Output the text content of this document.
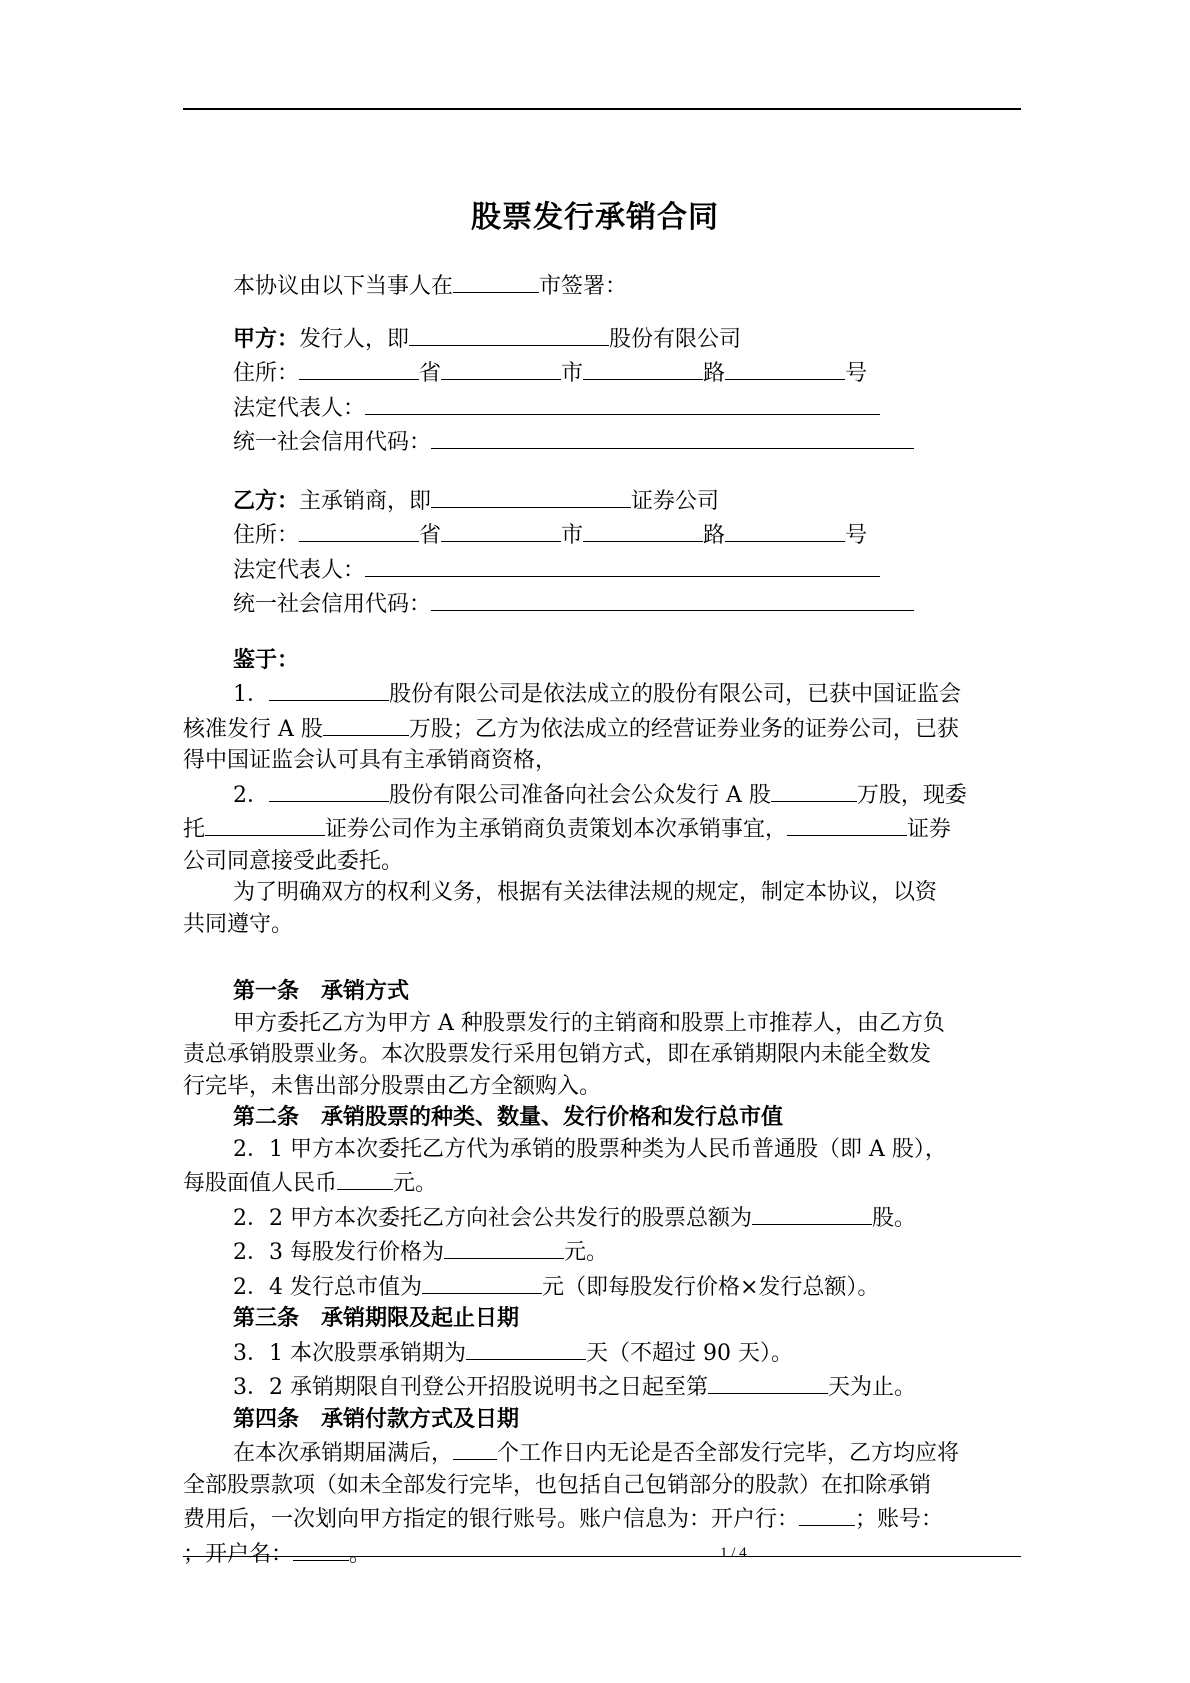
股票发行承销合同

本协议由以下当事人在	市签署：

甲方：发行人，即	股份有限公司

住所：	省	市	路	号

法定代表人：

统一社会信用代码：

乙方：主承销商，即	证券公司

住所：	省	市	路	号

法定代表人：

统一社会信用代码：

鉴于：

1．	股份有限公司是依法成立的股份有限公司，已获中国证监会

核准发行 A 股	万股；乙方为依法成立的经营证券业务的证券公司，已获

得中国证监会认可具有主承销商资格，

2．	股份有限公司准备向社会公众发行 A 股	万股，现委

托	证券公司作为主承销商负责策划本次承销事宜，	证券

公司同意接受此委托。

为了明确双方的权利义务，根据有关法律法规的规定，制定本协议，以资

共同遵守。

第一条　承销方式

甲方委托乙方为甲方 A 种股票发行的主销商和股票上市推荐人，由乙方负

责总承销股票业务。本次股票发行采用包销方式，即在承销期限内未能全数发

行完毕，未售出部分股票由乙方全额购入。

第二条　承销股票的种类、数量、发行价格和发行总市值

2．1 甲方本次委托乙方代为承销的股票种类为人民币普通股（即 A 股），

每股面值人民币	元。

2．2 甲方本次委托乙方向社会公共发行的股票总额为	股。

2．3 每股发行价格为	元。

2．4 发行总市值为	元（即每股发行价格×发行总额）。

第三条　承销期限及起止日期

3．1 本次股票承销期为	天（不超过 90 天）。

3．2 承销期限自刊登公开招股说明书之日起至第	天为止。

第四条　承销付款方式及日期

在本次承销期届满后， 个工作日内无论是否全部发行完毕，乙方均应将

全部股票款项（如未全部发行完毕，也包括自己包销部分的股款）在扣除承销

费用后，一次划向甲方指定的银行账号。账户信息为：开户行：	；账号：

；开户名：	。	1 / 4
